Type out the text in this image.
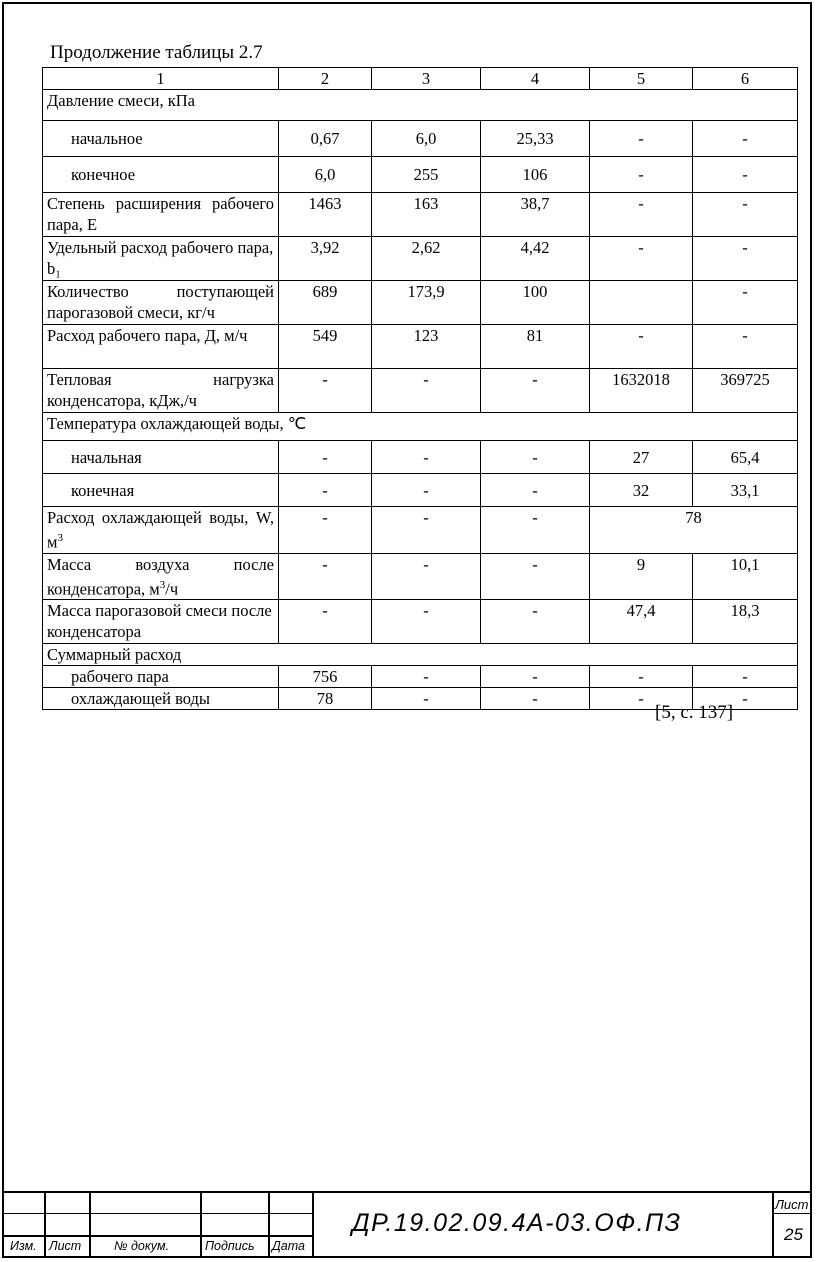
Продолжение таблицы 2.7
1	2	3	4	5	6
Давление смеси, кПа					
начальное	0,67	6,0	25,33	-	-
конечное	6,0	255	106	-	-
Степень расширения рабочего пара, Е	1463	163	38,7	-	-
Удельный расход рабочего пара, b₁	3,92	2,62	4,42	-	-
Количество поступающей парогазовой смеси, кг/ч	689	173,9	100		-
Расход рабочего пара, Д, м/ч	549	123	81	-	-
Тепловая нагрузка конденсатора, кДж,/ч	-	-	-	1632018	369725
Температура охлаждающей воды, ℃					
начальная	-	-	-	27	65,4
конечная	-	-	-	32	33,1
Расход охлаждающей воды, W, $м^3$	-	-	-	78	
Масса воздуха после конденсатора, $м^3/ч$	-	-	-	9	10,1
Масса парогазовой смеси после конденсатора	-	-	-	47,4	18,3
Суммарный расход					
рабочего пара	756	-	-	-	-
охлаждающей воды	78	-	-	-	-
[5, с. 137]
Изм. Лист	№ докум.	Подпись Дата
ДР.19.02.09.4А-03.ОФ.ПЗ
Лист
25
